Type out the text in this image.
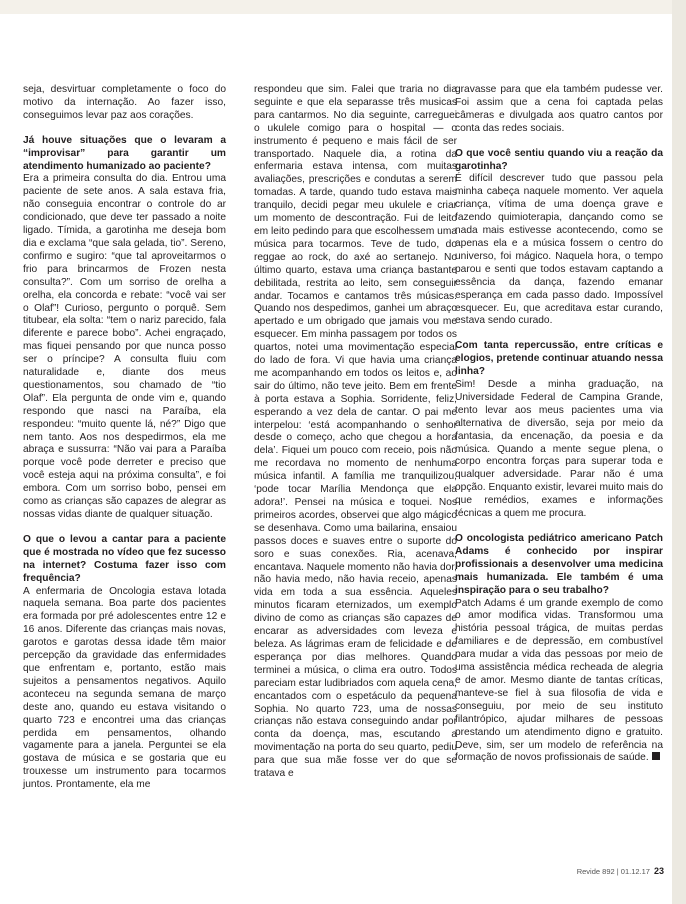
seja, desvirtuar completamente o foco do motivo da internação. Ao fazer isso, conseguimos levar paz aos corações.

Já houve situações que o levaram a “improvisar” para garantir um atendimento humanizado ao paciente?

Era a primeira consulta do dia. Entrou uma paciente de sete anos. A sala estava fria, não conseguia encontrar o controle do ar condicionado, que deve ter passado a noite ligado. Tímida, a garotinha me deseja bom dia e exclama “que sala gelada, tio”. Sereno, confirmo e sugiro: “que tal aproveitarmos o frio para brincarmos de Frozen nesta consulta?”. Com um sorriso de orelha a orelha, ela concorda e rebate: “você vai ser o Olaf”! Curioso, pergunto o porquê. Sem titubear, ela solta: “tem o nariz parecido, fala diferente e parece bobo”. Achei engraçado, mas fiquei pensando por que nunca posso ser o príncipe? A consulta fluiu com naturalidade e, diante dos meus questionamentos, sou chamado de “tio Olaf”. Ela pergunta de onde vim e, quando respondo que nasci na Paraíba, ela respondeu: “muito quente lá, né?” Digo que nem tanto. Aos nos despedirmos, ela me abraça e sussurra: “Não vai para a Paraíba porque você pode derreter e preciso que você esteja aqui na próxima consulta”, e foi embora. Com um sorriso bobo, pensei em como as crianças são capazes de alegrar as nossas vidas diante de qualquer situação.

O que o levou a cantar para a paciente que é mostrada no vídeo que fez sucesso na internet? Costuma fazer isso com frequência?

A enfermaria de Oncologia estava lotada naquela semana. Boa parte dos pacientes era formada por pré adolescentes entre 12 e 16 anos. Diferente das crianças mais novas, garotos e garotas dessa idade têm maior percepção da gravidade das enfermidades que enfrentam e, portanto, estão mais sujeitos a pensamentos negativos. Aquilo aconteceu na segunda semana de março deste ano, quando eu estava visitando o quarto 723 e encontrei uma das crianças perdida em pensamentos, olhando vagamente para a janela. Perguntei se ela gostava de música e se gostaria que eu trouxesse um instrumento para tocarmos juntos. Prontamente, ela me

respondeu que sim. Falei que traria no dia seguinte e que ela separasse três musicas para cantarmos. No dia seguinte, carreguei o ukulele comigo para o hospital — o instrumento é pequeno e mais fácil de ser transportado. Naquele dia, a rotina da enfermaria estava intensa, com muitas avaliações, prescrições e condutas a serem tomadas. A tarde, quando tudo estava mais tranquilo, decidi pegar meu ukulele e criar um momento de descontração. Fui de leito em leito pedindo para que escolhessem uma música para tocarmos. Teve de tudo, do reggae ao rock, do axé ao sertanejo. No último quarto, estava uma criança bastante debilitada, restrita ao leito, sem conseguir andar. Tocamos e cantamos três músicas. Quando nos despedimos, ganhei um abraço apertado e um obrigado que jamais vou me esquecer. Em minha passagem por todos os quartos, notei uma movimentação especial do lado de fora. Vi que havia uma criança me acompanhando em todos os leitos e, ao sair do último, não teve jeito. Bem em frente à porta estava a Sophia. Sorridente, feliz, esperando a vez dela de cantar. O pai me interpelou: ‘está acompanhando o senhor desde o começo, acho que chegou a hora dela’. Fiquei um pouco com receio, pois não me recordava no momento de nenhuma música infantil. A família me tranquilizou, ‘pode tocar Marília Mendonça que ela adora!’. Pensei na música e toquei. Nos primeiros acordes, observei que algo mágico se desenhava. Como uma bailarina, ensaiou passos doces e suaves entre o suporte do soro e suas conexões. Ria, acenava, encantava. Naquele momento não havia dor, não havia medo, não havia receio, apenas vida em toda a sua essência. Aqueles minutos ficaram eternizados, um exemplo divino de como as crianças são capazes de encarar as adversidades com leveza e beleza. As lágrimas eram de felicidade e de esperança por dias melhores. Quando terminei a música, o clima era outro. Todos pareciam estar ludibriados com aquela cena, encantados com o espetáculo da pequena Sophia. No quarto 723, uma de nossas crianças não estava conseguindo andar por conta da doença, mas, escutando a movimentação na porta do seu quarto, pediu para que sua mãe fosse ver do que se tratava e

gravasse para que ela também pudesse ver. Foi assim que a cena foi captada pelas câmeras e divulgada aos quatro cantos por conta das redes sociais.

O que você sentiu quando viu a reação da garotinha?

É difícil descrever tudo que passou pela minha cabeça naquele momento. Ver aquela criança, vítima de uma doença grave e fazendo quimioterapia, dançando como se nada mais estivesse acontecendo, como se apenas ela e a música fossem o centro do universo, foi mágico. Naquela hora, o tempo parou e senti que todos estavam captando a essência da dança, fazendo emanar esperança em cada passo dado. Impossível esquecer. Eu, que acreditava estar curando, estava sendo curado.

Com tanta repercussão, entre críticas e elogios, pretende continuar atuando nessa linha?

Sim! Desde a minha graduação, na Universidade Federal de Campina Grande, tento levar aos meus pacientes uma via alternativa de diversão, seja por meio da fantasia, da encenação, da poesia e da música. Quando a mente segue plena, o corpo encontra forças para superar toda e qualquer adversidade. Parar não é uma opção. Enquanto existir, levarei muito mais do que remédios, exames e informações técnicas a quem me procura.

O oncologista pediátrico americano Patch Adams é conhecido por inspirar profissionais a desenvolver uma medicina mais humanizada. Ele também é uma inspiração para o seu trabalho?

Patch Adams é um grande exemplo de como o amor modifica vidas. Transformou uma história pessoal trágica, de muitas perdas familiares e de depressão, em combustível para mudar a vida das pessoas por meio de uma assistência médica recheada de alegria e de amor. Mesmo diante de tantas críticas, manteve-se fiel à sua filosofia de vida e conseguiu, por meio de seu instituto filantrópico, ajudar milhares de pessoas prestando um atendimento digno e gratuito. Deve, sim, ser um modelo de referência na formação de novos profissionais de saúde.

Revide 892 | 01.12.17 23
